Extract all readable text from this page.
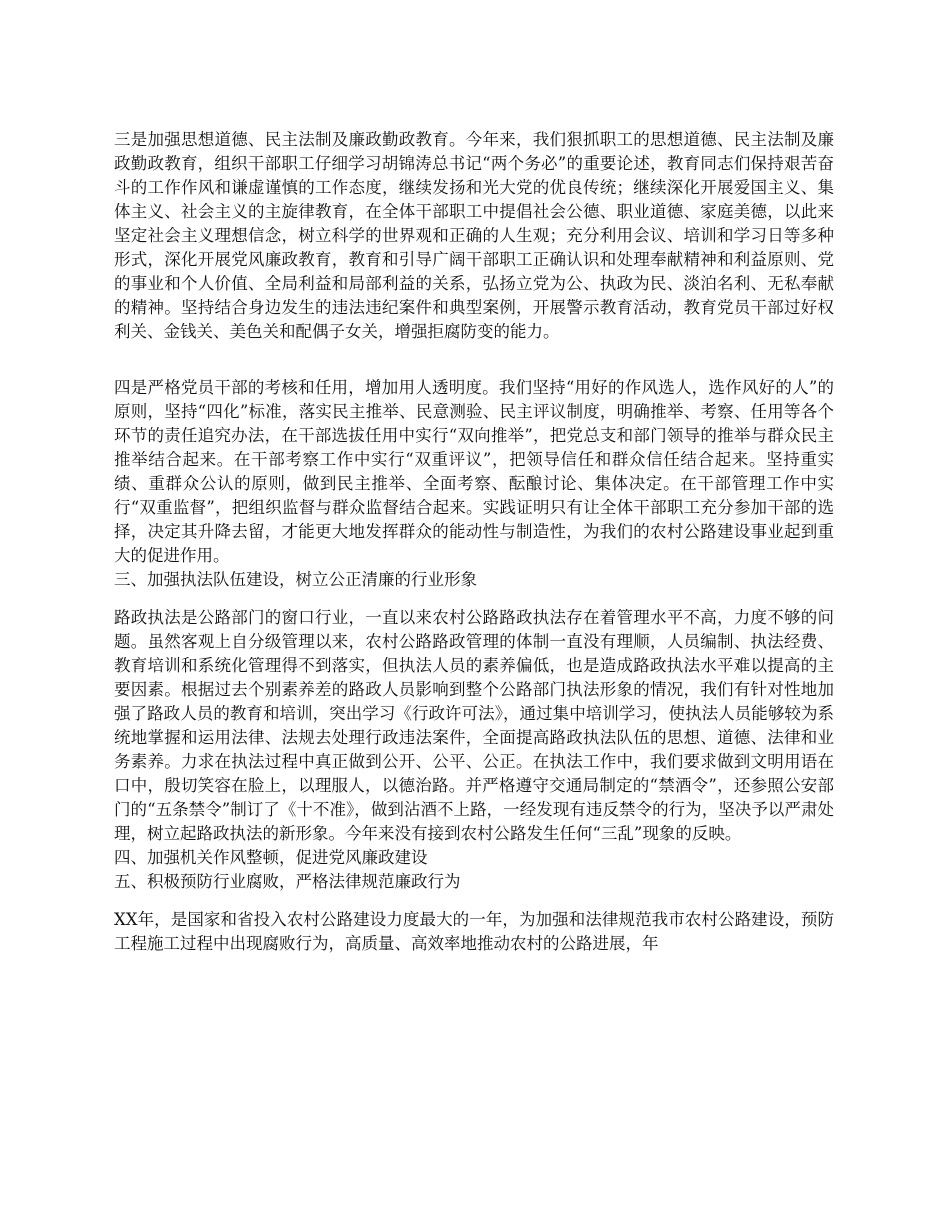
三是加强思想道德、民主法制及廉政勤政教育。今年来，我们狠抓职工的思想道德、民主法制及廉政勤政教育，组织干部职工仔细学习胡锦涛总书记“两个务必”的重要论述，教育同志们保持艰苦奋斗的工作作风和谦虚谨慎的工作态度，继续发扬和光大党的优良传统；继续深化开展爱国主义、集体主义、社会主义的主旋律教育，在全体干部职工中提倡社会公德、职业道德、家庭美德，以此来坚定社会主义理想信念，树立科学的世界观和正确的人生观；充分利用会议、培训和学习日等多种形式，深化开展党风廉政教育，教育和引导广阔干部职工正确认识和处理奉献精神和利益原则、党的事业和个人价值、全局利益和局部利益的关系，弘扬立党为公、执政为民、淡泊名利、无私奉献的精神。坚持结合身边发生的违法违纪案件和典型案例，开展警示教育活动，教育党员干部过好权利关、金钱关、美色关和配偶子女关，增强拒腐防变的能力。

四是严格党员干部的考核和任用，增加用人透明度。我们坚持“用好的作风选人，选作风好的人”的原则，坚持“四化”标准，落实民主推举、民意测验、民主评议制度，明确推举、考察、任用等各个环节的责任追究办法，在干部选拔任用中实行“双向推举”，把党总支和部门领导的推举与群众民主推举结合起来。在干部考察工作中实行“双重评议”，把领导信任和群众信任结合起来。坚持重实绩、重群众公认的原则，做到民主推举、全面考察、酝酿讨论、集体决定。在干部管理工作中实行“双重监督”，把组织监督与群众监督结合起来。实践证明只有让全体干部职工充分参加干部的选择，决定其升降去留，才能更大地发挥群众的能动性与制造性，为我们的农村公路建设事业起到重大的促进作用。

三、加强执法队伍建设，树立公正清廉的行业形象

路政执法是公路部门的窗口行业，一直以来农村公路路政执法存在着管理水平不高，力度不够的问题。虽然客观上自分级管理以来，农村公路路政管理的体制一直没有理顺，人员编制、执法经费、教育培训和系统化管理得不到落实，但执法人员的素养偏低，也是造成路政执法水平难以提高的主要因素。根据过去个别素养差的路政人员影响到整个公路部门执法形象的情况，我们有针对性地加强了路政人员的教育和培训，突出学习《行政许可法》，通过集中培训学习，使执法人员能够较为系统地掌握和运用法律、法规去处理行政违法案件，全面提高路政执法队伍的思想、道德、法律和业务素养。力求在执法过程中真正做到公开、公平、公正。在执法工作中，我们要求做到文明用语在口中，殷切笑容在脸上，以理服人，以德治路。并严格遵守交通局制定的“禁酒令”，还参照公安部门的“五条禁令”制订了《十不准》，做到沾酒不上路，一经发现有违反禁令的行为，坚决予以严肃处理，树立起路政执法的新形象。今年来没有接到农村公路发生任何“三乱”现象的反映。

四、加强机关作风整顿，促进党风廉政建设

五、积极预防行业腐败，严格法律规范廉政行为

XX年，是国家和省投入农村公路建设力度最大的一年，为加强和法律规范我市农村公路建设，预防工程施工过程中出现腐败行为，高质量、高效率地推动农村的公路进展，年
